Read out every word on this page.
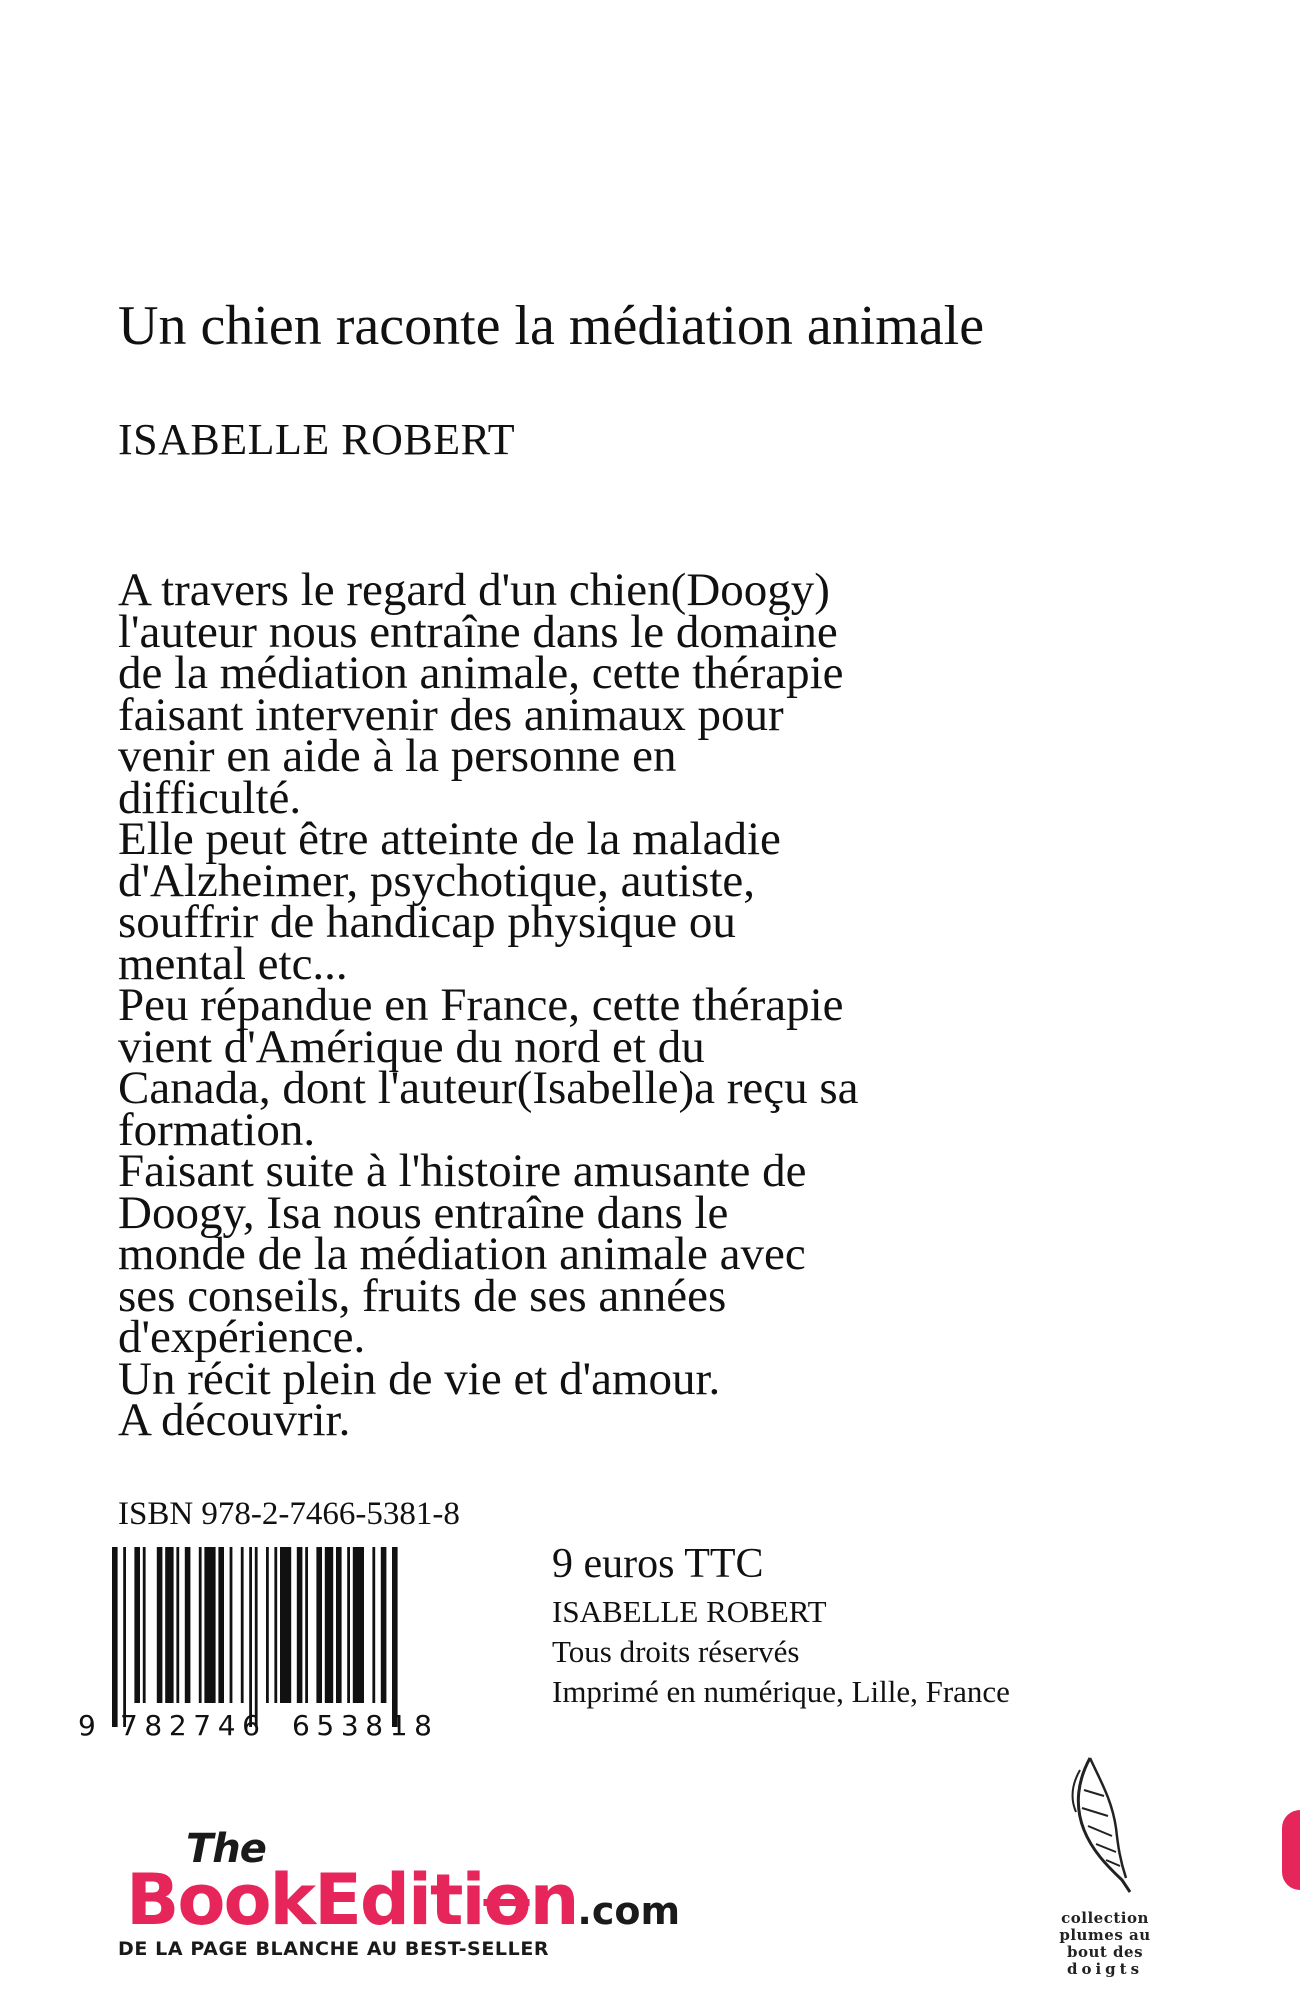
Un chien raconte la médiation animale
ISABELLE ROBERT
A travers le regard d'un chien(Doogy)
l'auteur nous entraîne dans le domaine
de la médiation animale, cette thérapie
faisant intervenir des animaux pour
venir en aide à la personne en
difficulté.
Elle peut être atteinte de la maladie
d'Alzheimer, psychotique, autiste,
souffrir de handicap physique ou
mental etc...
Peu répandue en France, cette thérapie
vient d'Amérique du nord et du
Canada, dont l'auteur(Isabelle)a reçu sa
formation.
Faisant suite à l'histoire amusante de
Doogy, Isa nous entraîne dans le
monde de la médiation animale avec
ses conseils, fruits de ses années
d'expérience.
Un récit plein de vie et d'amour.
A découvrir.
ISBN 978-2-7466-5381-8
9 782746 653818
9 euros TTC
ISABELLE ROBERT
Tous droits réservés
Imprimé en numérique, Lille, France
The
BookEdition.com
DE LA PAGE BLANCHE AU BEST-SELLER
collection
plumes au
bout des
doigts
